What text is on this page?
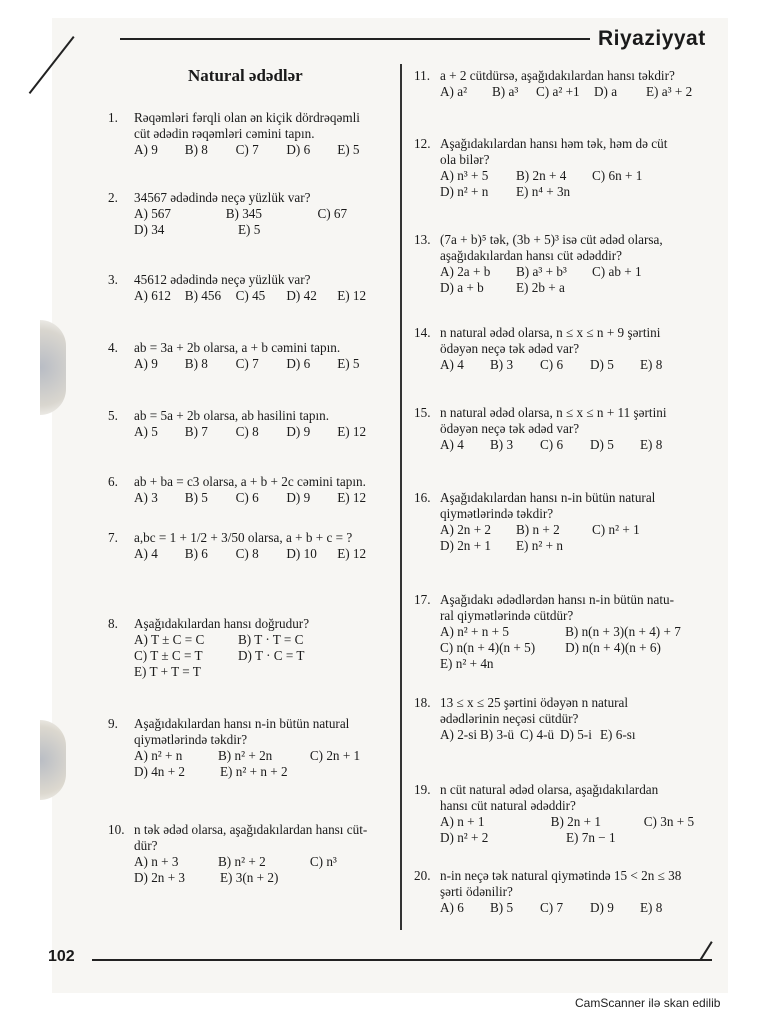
Riyaziyyat
Natural ədədlər
1.	Rəqəmləri fərqli olan ən kiçik dördrəqəmli
cüt ədədin rəqəmləri cəmini tapın.
A) 9	B) 8	C) 7	D) 6	E) 5
2.	34567 ədədində neçə yüzlük var?
A) 567	B) 345	C) 67
D) 34	E) 5
3.	45612 ədədində neçə yüzlük var?
A) 612	B) 456	C) 45	D) 42	E) 12
4.	ab = 3a + 2b olarsa, a + b cəmini tapın.
A) 9	B) 8	C) 7	D) 6	E) 5
5.	ab = 5a + 2b olarsa, ab hasilini tapın.
A) 5	B) 7	C) 8	D) 9	E) 12
6.	ab + ba = c3 olarsa, a + b + 2c cəmini tapın.
A) 3	B) 5	C) 6	D) 9	E) 12
7.	a,bc = 1 + 1/2 + 3/50 olarsa, a + b + c = ?
A) 4	B) 6	C) 8	D) 10	E) 12
8.	Aşağıdakılardan hansı doğrudur?
A) T ± C = C	B) T · T = C
C) T ± C = T	D) T · C = T
E) T + T = T
9.	Aşağıdakılardan hansı n-in bütün natural
qiymətlərində təkdir?
A) n² + n	B) n² + 2n	C) 2n + 1
D) 4n + 2	E) n² + n + 2
10. n tək ədəd olarsa, aşağıdakılardan hansı cüt-
dür?
A) n + 3	B) n² + 2	C) n³
D) 2n + 3	E) 3(n + 2)
11. a + 2 cütdürsə, aşağıdakılardan hansı təkdir?
A) a²	B) a³	C) a² +1	D) a	E) a³ + 2
12. Aşağıdakılardan hansı həm tək, həm də cüt
ola bilər?
A) n³ + 5	B) 2n + 4	C) 6n + 1
D) n² + n	E) n⁴ + 3n
13. (7a + b)⁵ tək, (3b + 5)³ isə cüt ədəd olarsa,
aşağıdakılardan hansı cüt ədəddir?
A) 2a + b	B) a³ + b³	C) ab + 1
D) a + b	E) 2b + a
14. n natural ədəd olarsa, n ≤ x ≤ n + 9 şərtini
ödəyən neçə tək ədəd var?
A) 4	B) 3	C) 6	D) 5	E) 8
15. n natural ədəd olarsa, n ≤ x ≤ n + 11 şərtini
ödəyən neçə tək ədəd var?
A) 4	B) 3	C) 6	D) 5	E) 8
16. Aşağıdakılardan hansı n-in bütün natural
qiymətlərində təkdir?
A) 2n + 2	B) n + 2	C) n² + 1
D) 2n + 1	E) n² + n
17. Aşağıdakı ədədlərdən hansı n-in bütün natu-
ral qiymətlərində cütdür?
A) n² + n + 5	B) n(n + 3)(n + 4) + 7
C) n(n + 4)(n + 5)	D) n(n + 4)(n + 6)
E) n² + 4n
18. 13 ≤ x ≤ 25 şərtini ödəyən n natural
ədədlərinin neçəsi cütdür?
A) 2-si B) 3-ü C) 4-ü D) 5-i E) 6-sı
19. n cüt natural ədəd olarsa, aşağıdakılardan
hansı cüt natural ədəddir?
A) n + 1	B) 2n + 1	C) 3n + 5
D) n² + 2	E) 7n − 1
20. n-in neçə tək natural qiymətində 15 < 2n ≤ 38
şərti ödənilir?
A) 6	B) 5	C) 7	D) 9	E) 8
102
CamScanner ilə skan edilib
